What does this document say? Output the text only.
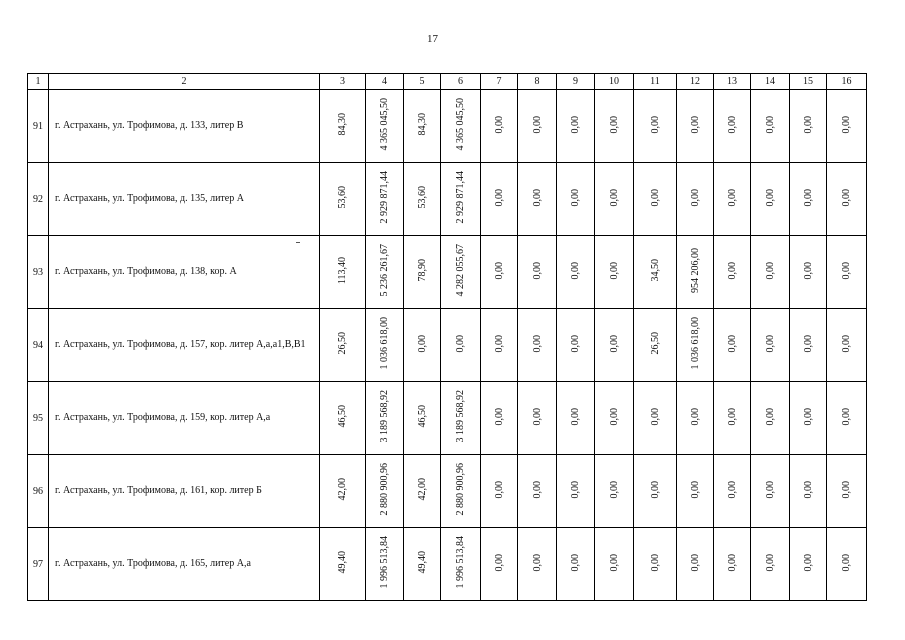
17
1	2	3	4	5	6	7	8	9	10	11	12	13	14	15	16
91	г. Астрахань, ул. Трофимова, д. 133, литер В	84,30	4 365 045,50	84,30	4 365 045,50	0,00	0,00	0,00	0,00	0,00	0,00	0,00	0,00	0,00	0,00
92	г. Астрахань, ул. Трофимова, д. 135, литер А	53,60	2 929 871,44	53,60	2 929 871,44	0,00	0,00	0,00	0,00	0,00	0,00	0,00	0,00	0,00	0,00
93	г. Астрахань, ул. Трофимова, д. 138, кор. А	113,40	5 236 261,67	78,90	4 282 055,67	0,00	0,00	0,00	0,00	34,50	954 206,00	0,00	0,00	0,00	0,00
94	г. Астрахань, ул. Трофимова, д. 157, кор. литер А,а,а1,В,В1	26,50	1 036 618,00	0,00	0,00	0,00	0,00	0,00	0,00	26,50	1 036 618,00	0,00	0,00	0,00	0,00
95	г. Астрахань, ул. Трофимова, д. 159, кор. литер А,а	46,50	3 189 568,92	46,50	3 189 568,92	0,00	0,00	0,00	0,00	0,00	0,00	0,00	0,00	0,00	0,00
96	г. Астрахань, ул. Трофимова, д. 161, кор. литер Б	42,00	2 880 900,96	42,00	2 880 900,96	0,00	0,00	0,00	0,00	0,00	0,00	0,00	0,00	0,00	0,00
97	г. Астрахань, ул. Трофимова, д. 165, литер А,а	49,40	1 996 513,84	49,40	1 996 513,84	0,00	0,00	0,00	0,00	0,00	0,00	0,00	0,00	0,00	0,00
